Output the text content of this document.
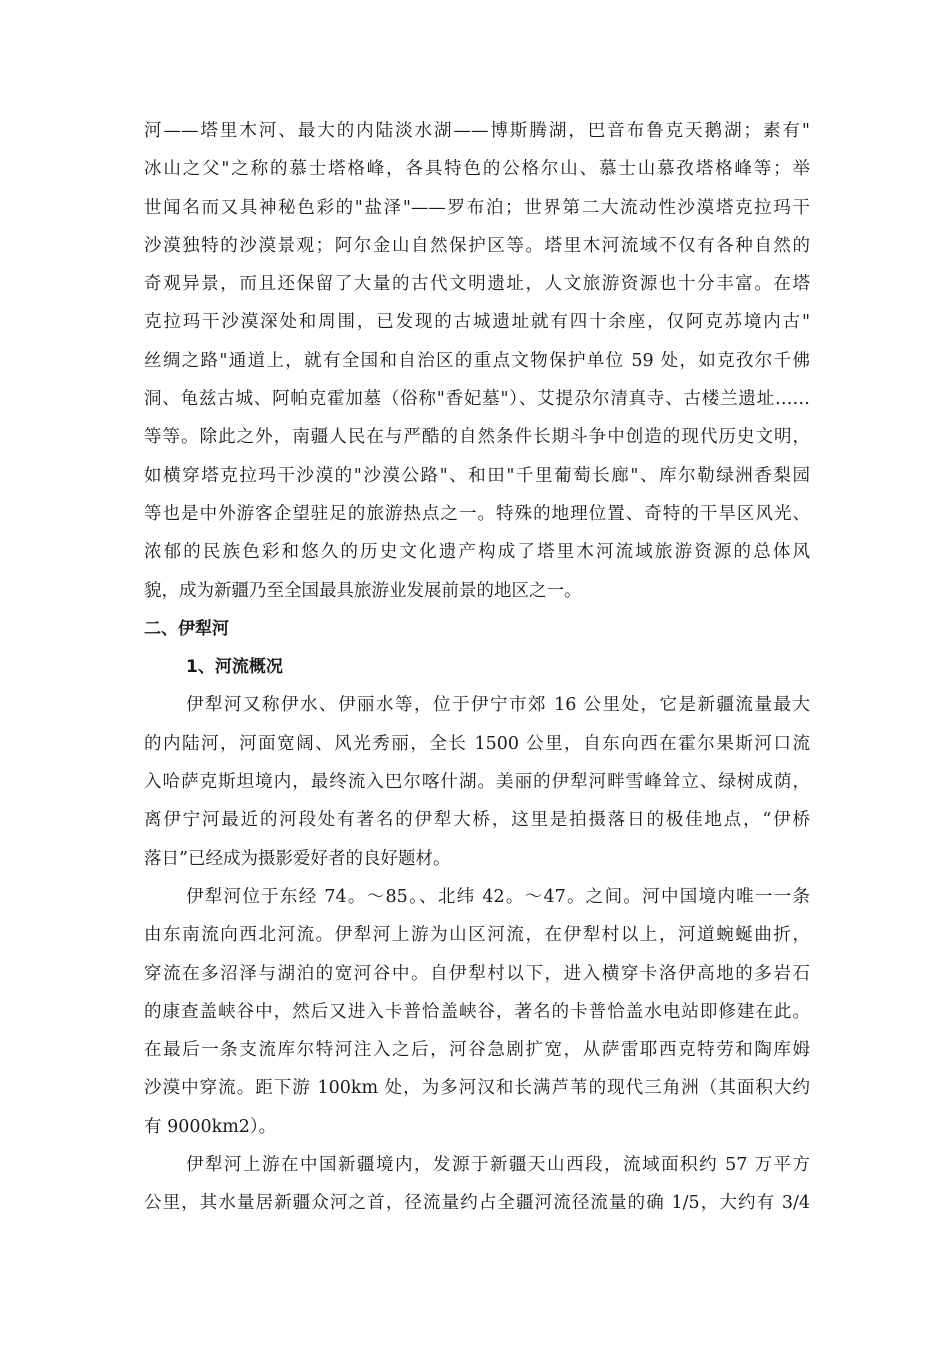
河——塔里木河、最大的内陆淡水湖——博斯腾湖，巴音布鲁克天鹅湖；素有"
冰山之父"之称的慕士塔格峰，各具特色的公格尔山、慕士山慕孜塔格峰等；举
世闻名而又具神秘色彩的"盐泽"——罗布泊；世界第二大流动性沙漠塔克拉玛干
沙漠独特的沙漠景观；阿尔金山自然保护区等。塔里木河流域不仅有各种自然的
奇观异景，而且还保留了大量的古代文明遗址，人文旅游资源也十分丰富。在塔
克拉玛干沙漠深处和周围，已发现的古城遗址就有四十余座，仅阿克苏境内古"
丝绸之路"通道上，就有全国和自治区的重点文物保护单位 59 处，如克孜尔千佛
洞、龟兹古城、阿帕克霍加墓（俗称"香妃墓"）、艾提尕尔清真寺、古楼兰遗址……
等等。除此之外，南疆人民在与严酷的自然条件长期斗争中创造的现代历史文明，
如横穿塔克拉玛干沙漠的"沙漠公路"、和田"千里葡萄长廊"、库尔勒绿洲香梨园
等也是中外游客企望驻足的旅游热点之一。特殊的地理位置、奇特的干旱区风光、
浓郁的民族色彩和悠久的历史文化遗产构成了塔里木河流域旅游资源的总体风
貌，成为新疆乃至全国最具旅游业发展前景的地区之一。
二、伊犁河
1、河流概况
伊犁河又称伊水、伊丽水等，位于伊宁市郊 16 公里处，它是新疆流量最大
的内陆河，河面宽阔、风光秀丽，全长 1500 公里，自东向西在霍尔果斯河口流
入哈萨克斯坦境内，最终流入巴尔喀什湖。美丽的伊犁河畔雪峰耸立、绿树成荫，
离伊宁河最近的河段处有著名的伊犁大桥，这里是拍摄落日的极佳地点，“伊桥
落日”已经成为摄影爱好者的良好题材。
伊犁河位于东经 74。～85。、北纬 42。～47。之间。河中国境内唯一一条
由东南流向西北河流。伊犁河上游为山区河流，在伊犁村以上，河道蜿蜒曲折，
穿流在多沼泽与湖泊的宽河谷中。自伊犁村以下，进入横穿卡洛伊高地的多岩石
的康查盖峡谷中，然后又进入卡普恰盖峡谷，著名的卡普恰盖水电站即修建在此。
在最后一条支流库尔特河注入之后，河谷急剧扩宽，从萨雷耶西克特劳和陶库姆
沙漠中穿流。距下游 100km 处，为多河汉和长满芦苇的现代三角洲（其面积大约
有 9000km2）。
伊犁河上游在中国新疆境内，发源于新疆天山西段，流域面积约 57 万平方
公里，其水量居新疆众河之首，径流量约占全疆河流径流量的确 1/5，大约有 3/4
